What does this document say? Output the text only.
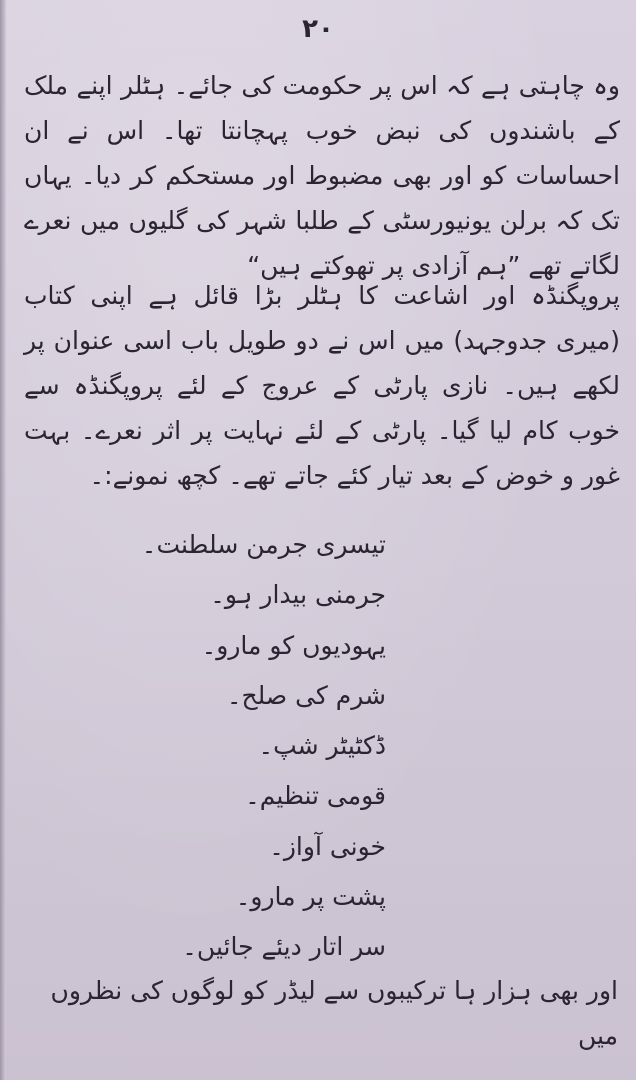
۲۰
وہ چاہتی ہے کہ اس پر حکومت کی جائے۔ ہٹلر اپنے ملک کے باشندوں کی نبض خوب پہچانتا تھا۔ اس نے ان احساسات کو اور بھی مضبوط اور مستحکم کر دیا۔ یہاں تک کہ برلن یونیورسٹی کے طلبا شہر کی گلیوں میں نعرے لگاتے تھے ”ہم آزادی پر تھوکتے ہیں“
پروپگنڈہ اور اشاعت کا ہٹلر بڑا قائل ہے اپنی کتاب (میری جدوجہد) میں اس نے دو طویل باب اسی عنوان پر لکھے ہیں۔ نازی پارٹی کے عروج کے لئے پروپگنڈہ سے خوب کام لیا گیا۔ پارٹی کے لئے نہایت پر اثر نعرے۔ بہت غور و خوض کے بعد تیار کئے جاتے تھے۔ کچھ نمونے:۔
تیسری جرمن سلطنت۔
جرمنی بیدار ہو۔
یہودیوں کو مارو۔
شرم کی صلح۔
ڈکٹیٹر شپ۔
قومی تنظیم۔
خونی آواز۔
پشت پر مارو۔
سر اتار دیئے جائیں۔
اور بھی ہزار ہا ترکیبوں سے لیڈر کو لوگوں کی نظروں میں
